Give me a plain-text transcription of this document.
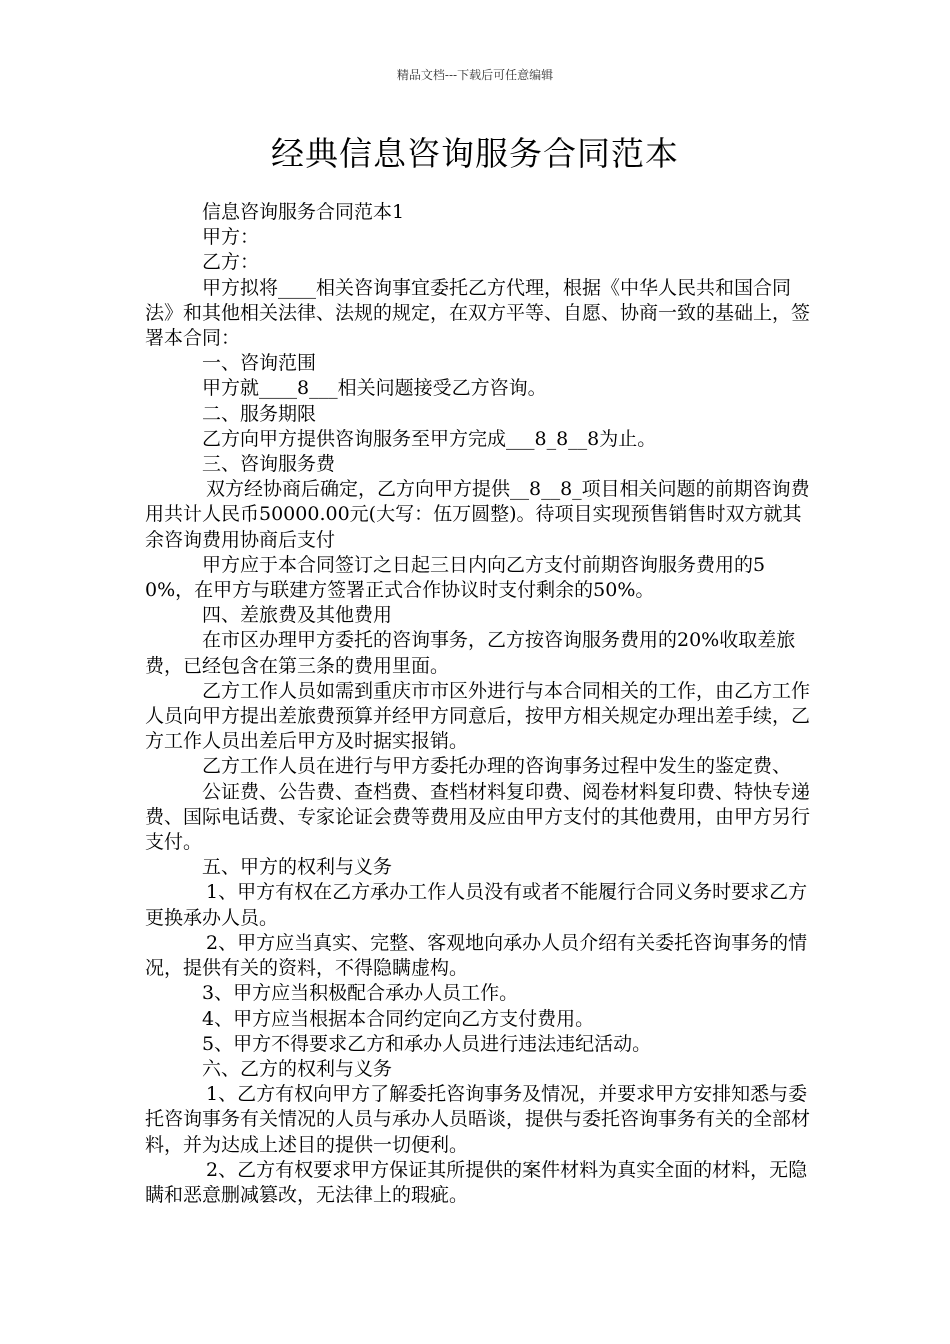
精品文档---下载后可任意编辑
经典信息咨询服务合同范本

信息咨询服务合同范本1

甲方：

乙方：

甲方拟将____相关咨询事宜委托乙方代理，根据《中华人民共和国合同法》和其他相关法律、法规的规定，在双方平等、自愿、协商一致的基础上，签署本合同：

一、咨询范围

甲方就____8___相关问题接受乙方咨询。

二、服务期限

乙方向甲方提供咨询服务至甲方完成___8_8__8为止。

三、咨询服务费

双方经协商后确定，乙方向甲方提供__8__8_项目相关问题的前期咨询费用共计人民币50000.00元(大写：伍万圆整)。待项目实现预售销售时双方就其余咨询费用协商后支付

甲方应于本合同签订之日起三日内向乙方支付前期咨询服务费用的50%，在甲方与联建方签署正式合作协议时支付剩余的50%。

四、差旅费及其他费用

在市区办理甲方委托的咨询事务，乙方按咨询服务费用的20%收取差旅费，已经包含在第三条的费用里面。

乙方工作人员如需到重庆市市区外进行与本合同相关的工作，由乙方工作人员向甲方提出差旅费预算并经甲方同意后，按甲方相关规定办理出差手续，乙方工作人员出差后甲方及时据实报销。

乙方工作人员在进行与甲方委托办理的咨询事务过程中发生的鉴定费、

公证费、公告费、查档费、查档材料复印费、阅卷材料复印费、特快专递费、国际电话费、专家论证会费等费用及应由甲方支付的其他费用，由甲方另行支付。

五、甲方的权利与义务

1、甲方有权在乙方承办工作人员没有或者不能履行合同义务时要求乙方更换承办人员。

2、甲方应当真实、完整、客观地向承办人员介绍有关委托咨询事务的情况，提供有关的资料，不得隐瞒虚构。

3、甲方应当积极配合承办人员工作。

4、甲方应当根据本合同约定向乙方支付费用。

5、甲方不得要求乙方和承办人员进行违法违纪活动。

六、乙方的权利与义务

1、乙方有权向甲方了解委托咨询事务及情况，并要求甲方安排知悉与委托咨询事务有关情况的人员与承办人员晤谈，提供与委托咨询事务有关的全部材料，并为达成上述目的提供一切便利。

2、乙方有权要求甲方保证其所提供的案件材料为真实全面的材料，无隐瞒和恶意删减篡改，无法律上的瑕疵。
